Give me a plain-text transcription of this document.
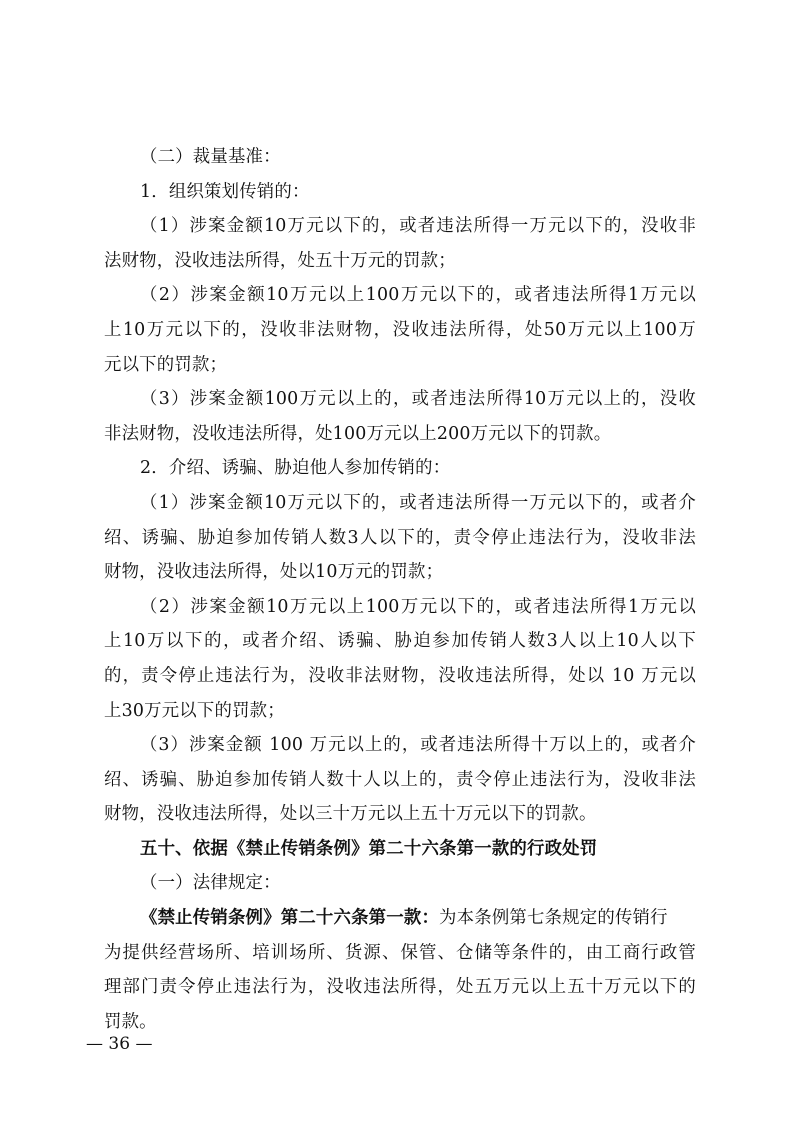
（二）裁量基准：
1．组织策划传销的：
（1）涉案金额10万元以下的，或者违法所得一万元以下的，没收非
法财物，没收违法所得，处五十万元的罚款；
（2）涉案金额10万元以上100万元以下的，或者违法所得1万元以
上10万元以下的，没收非法财物，没收违法所得，处50万元以上100万
元以下的罚款；
（3）涉案金额100万元以上的，或者违法所得10万元以上的，没收
非法财物，没收违法所得，处100万元以上200万元以下的罚款。
2．介绍、诱骗、胁迫他人参加传销的：
（1）涉案金额10万元以下的，或者违法所得一万元以下的，或者介
绍、诱骗、胁迫参加传销人数3人以下的，责令停止违法行为，没收非法
财物，没收违法所得，处以10万元的罚款；
（2）涉案金额10万元以上100万元以下的，或者违法所得1万元以
上10万以下的，或者介绍、诱骗、胁迫参加传销人数3人以上10人以下
的，责令停止违法行为，没收非法财物，没收违法所得，处以 10 万元以
上30万元以下的罚款；
（3）涉案金额 100 万元以上的，或者违法所得十万以上的，或者介
绍、诱骗、胁迫参加传销人数十人以上的，责令停止违法行为，没收非法
财物，没收违法所得，处以三十万元以上五十万元以下的罚款。
五十、依据《禁止传销条例》第二十六条第一款的行政处罚
（一）法律规定：
《禁止传销条例》第二十六条第一款：为本条例第七条规定的传销行
为提供经营场所、培训场所、货源、保管、仓储等条件的，由工商行政管
理部门责令停止违法行为，没收违法所得，处五万元以上五十万元以下的
罚款。
— 36 —
